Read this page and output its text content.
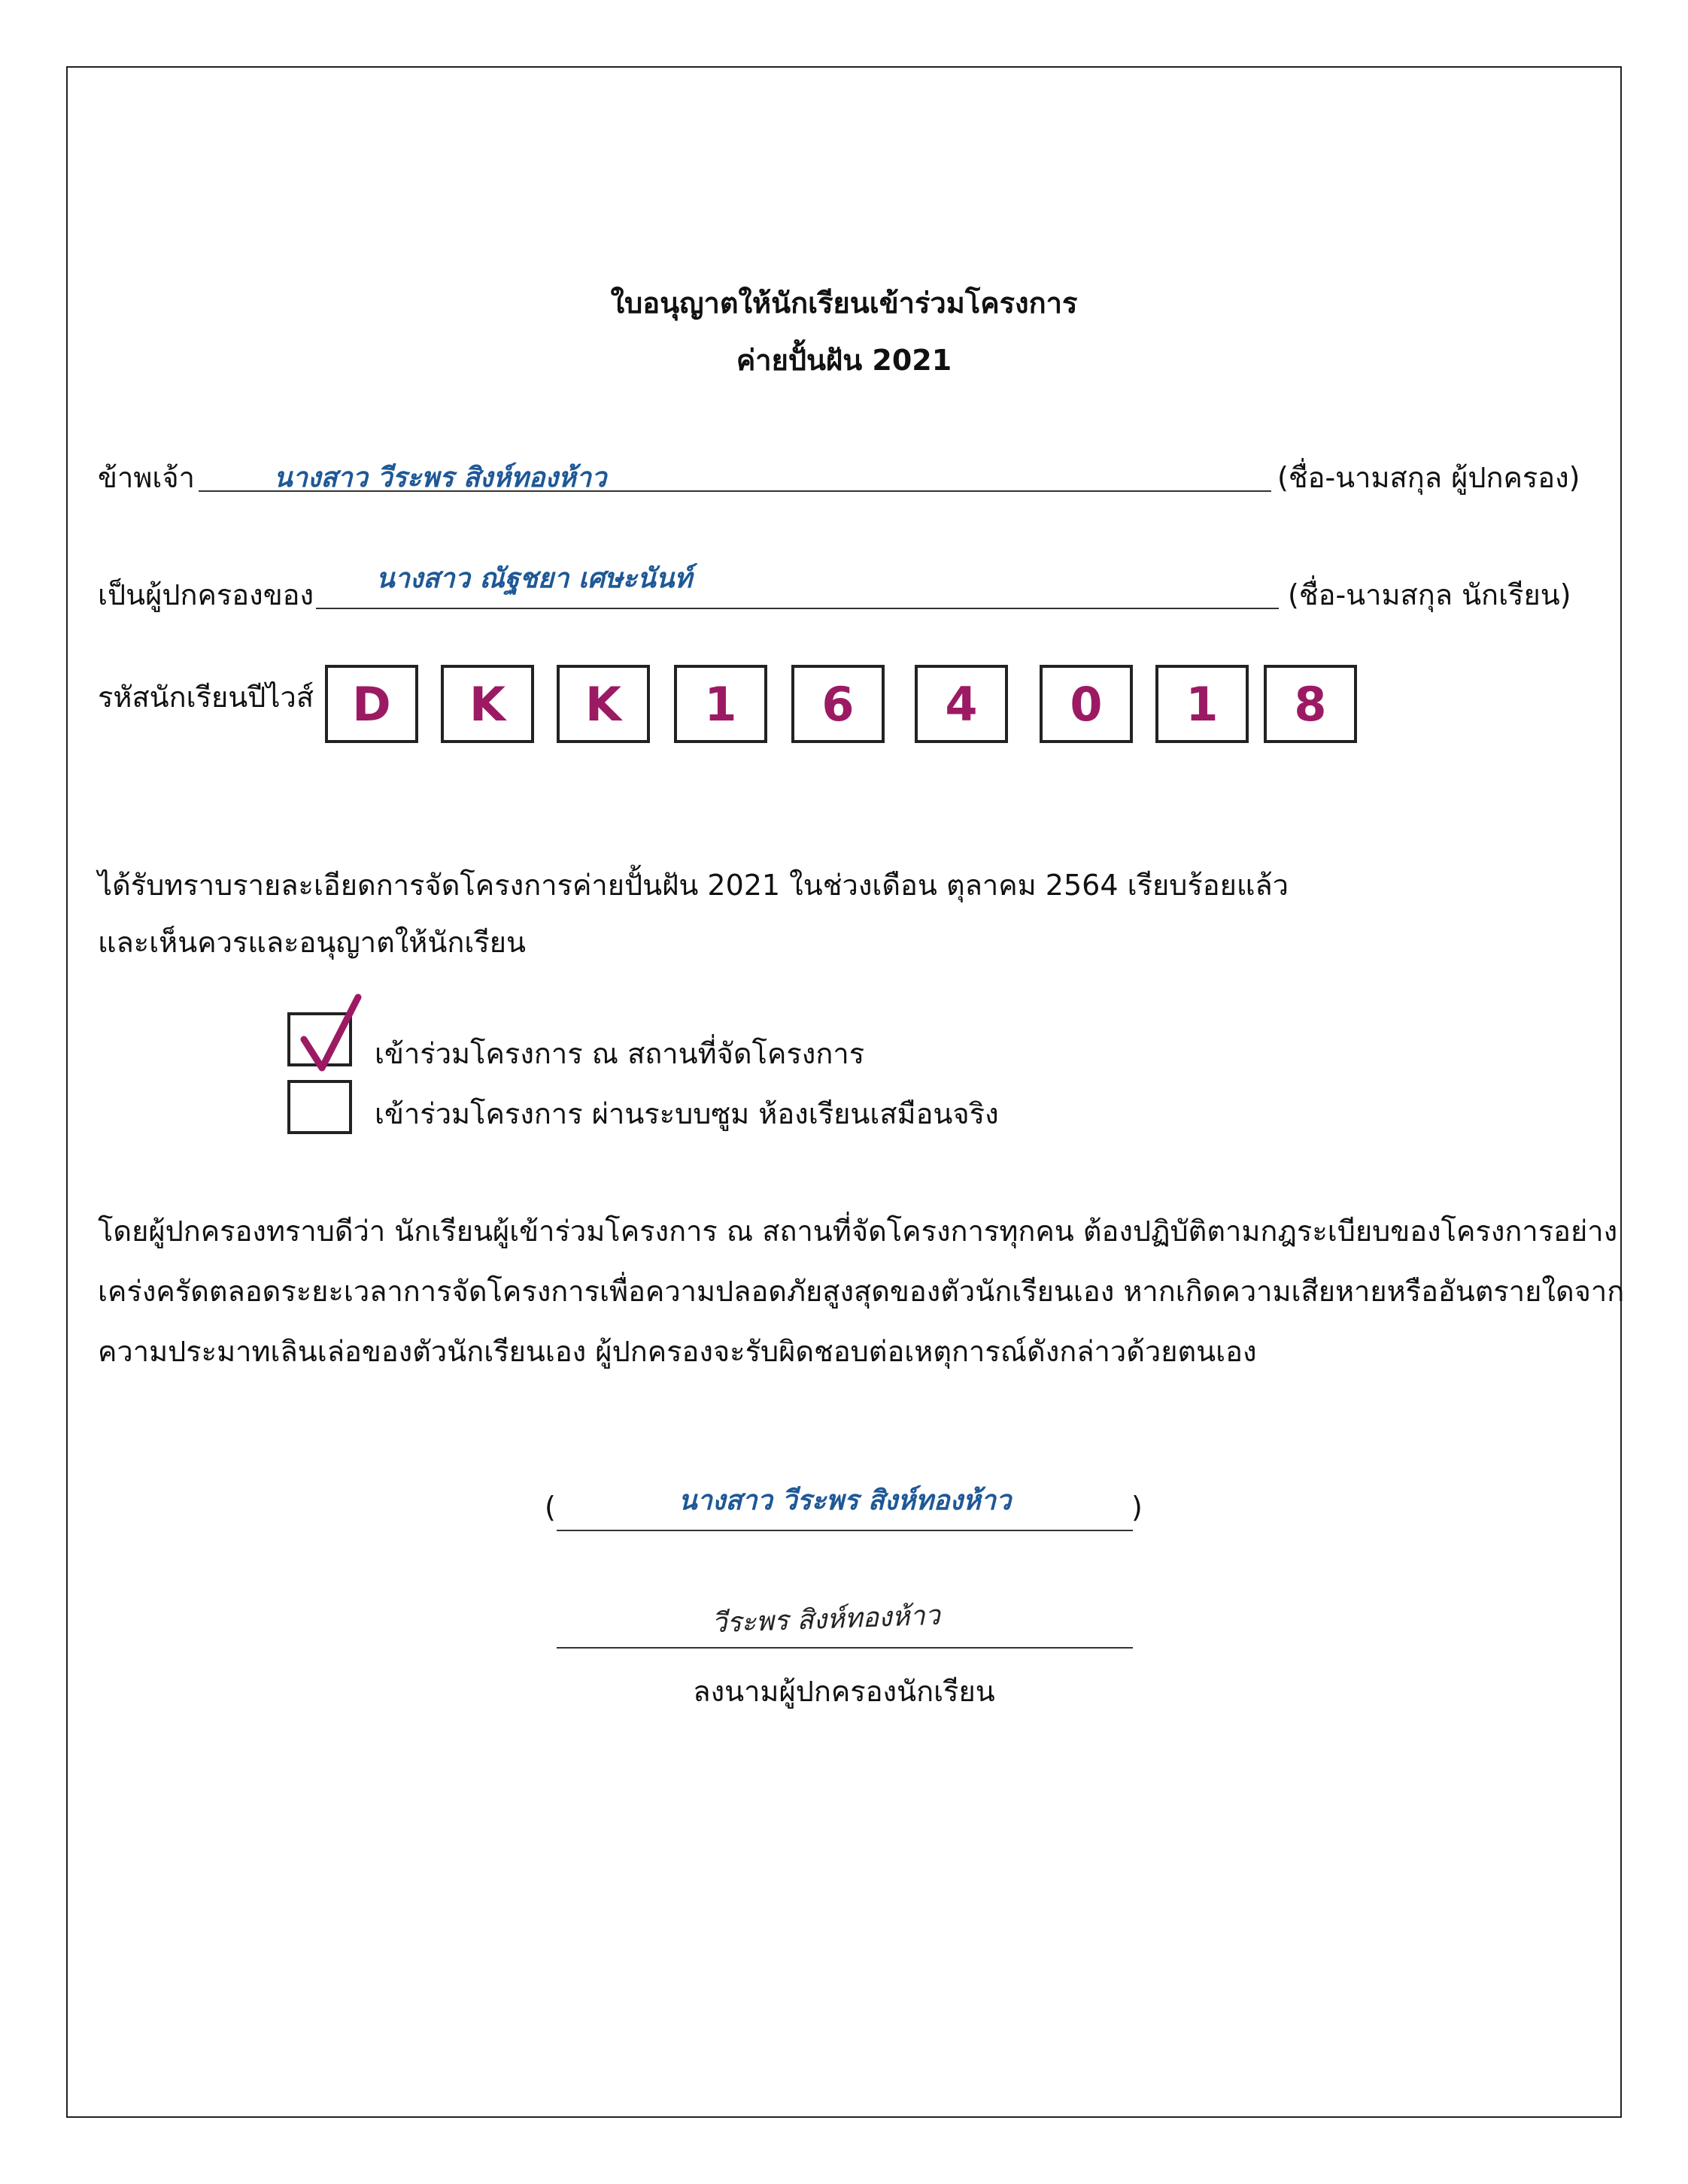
ใบอนุญาตให้นักเรียนเข้าร่วมโครงการ
ค่ายปั้นฝัน 2021
ข้าพเจ้า	นางสาว วีระพร สิงห์ทองห้าว	(ชื่อ-นามสกุล ผู้ปกครอง)
เป็นผู้ปกครองของ นางสาว ณัฐชยา เศษะนันท์	(ชื่อ-นามสกุล นักเรียน)
รหัสนักเรียนปีไวส์ D	K	K	1	6	4	0	1	8
ได้รับทราบรายละเอียดการจัดโครงการค่ายปั้นฝัน 2021 ในช่วงเดือน ตุลาคม 2564 เรียบร้อยแล้ว
และเห็นควรและอนุญาตให้นักเรียน
เข้าร่วมโครงการ ณ สถานที่จัดโครงการ
เข้าร่วมโครงการ ผ่านระบบซูม ห้องเรียนเสมือนจริง
โดยผู้ปกครองทราบดีว่า นักเรียนผู้เข้าร่วมโครงการ ณ สถานที่จัดโครงการทุกคน ต้องปฏิบัติตามกฎระเบียบของโครงการอย่าง
เคร่งครัดตลอดระยะเวลาการจัดโครงการเพื่อความปลอดภัยสูงสุดของตัวนักเรียนเอง หากเกิดความเสียหายหรืออันตรายใดจาก
ความประมาทเลินเล่อของตัวนักเรียนเอง ผู้ปกครองจะรับผิดชอบต่อเหตุการณ์ดังกล่าวด้วยตนเอง
(	นางสาว วีระพร สิงห์ทองห้าว	)
วีระพร สิงห์ทองห้าว
ลงนามผู้ปกครองนักเรียน
